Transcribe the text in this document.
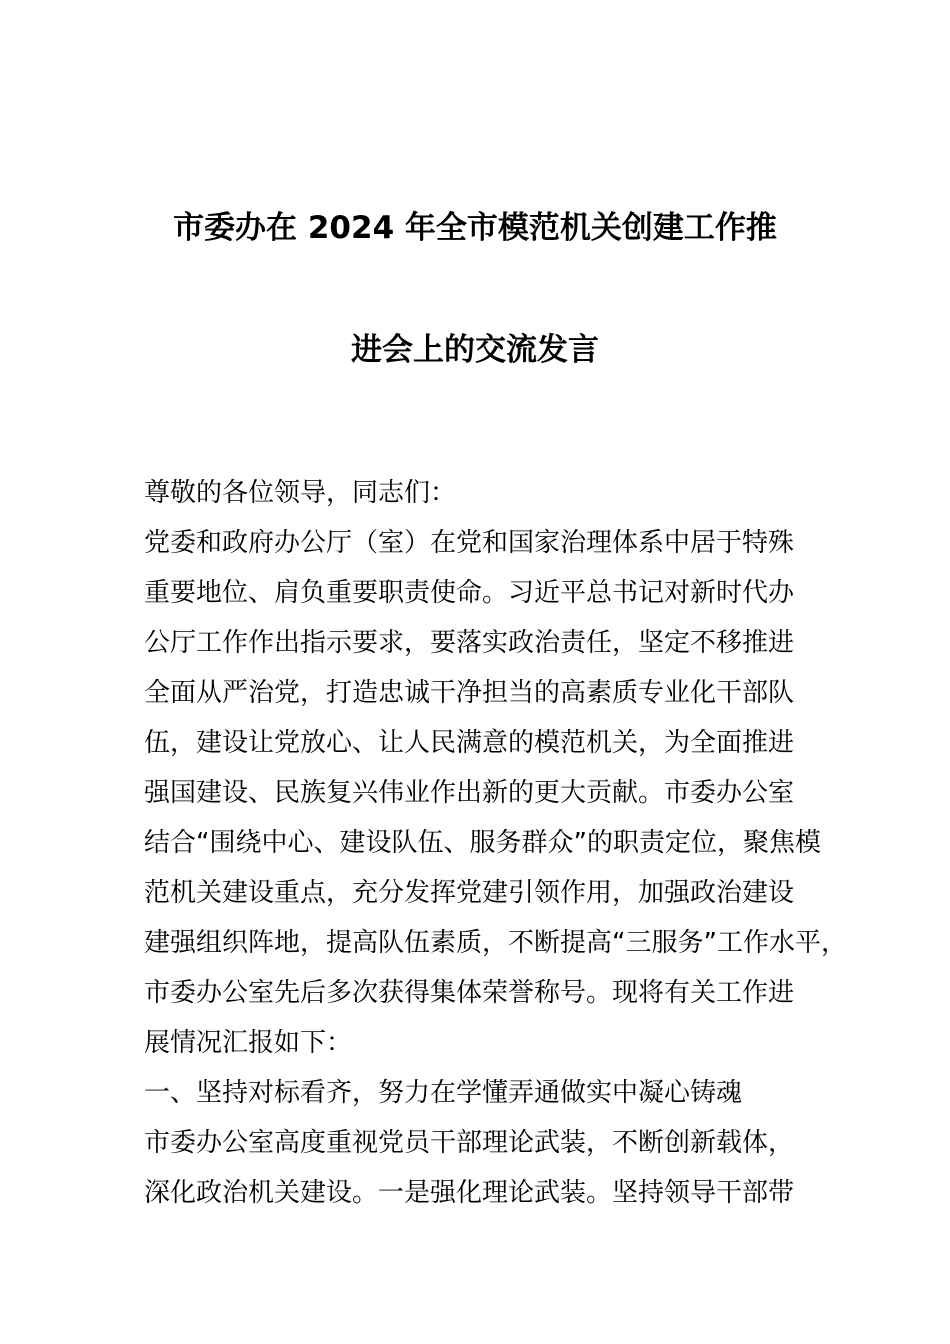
市委办在 2024 年全市模范机关创建工作推
进会上的交流发言
尊敬的各位领导，同志们：
党委和政府办公厅（室）在党和国家治理体系中居于特殊
重要地位、肩负重要职责使命。习近平总书记对新时代办
公厅工作作出指示要求，要落实政治责任，坚定不移推进
全面从严治党，打造忠诚干净担当的高素质专业化干部队
伍，建设让党放心、让人民满意的模范机关，为全面推进
强国建设、民族复兴伟业作出新的更大贡献。市委办公室
结合“围绕中心、建设队伍、服务群众”的职责定位，聚焦模
范机关建设重点，充分发挥党建引领作用，加强政治建设
建强组织阵地，提高队伍素质，不断提高“三服务”工作水平，
市委办公室先后多次获得集体荣誉称号。现将有关工作进
展情况汇报如下：
一、坚持对标看齐，努力在学懂弄通做实中凝心铸魂
市委办公室高度重视党员干部理论武装，不断创新载体，
深化政治机关建设。一是强化理论武装。坚持领导干部带
